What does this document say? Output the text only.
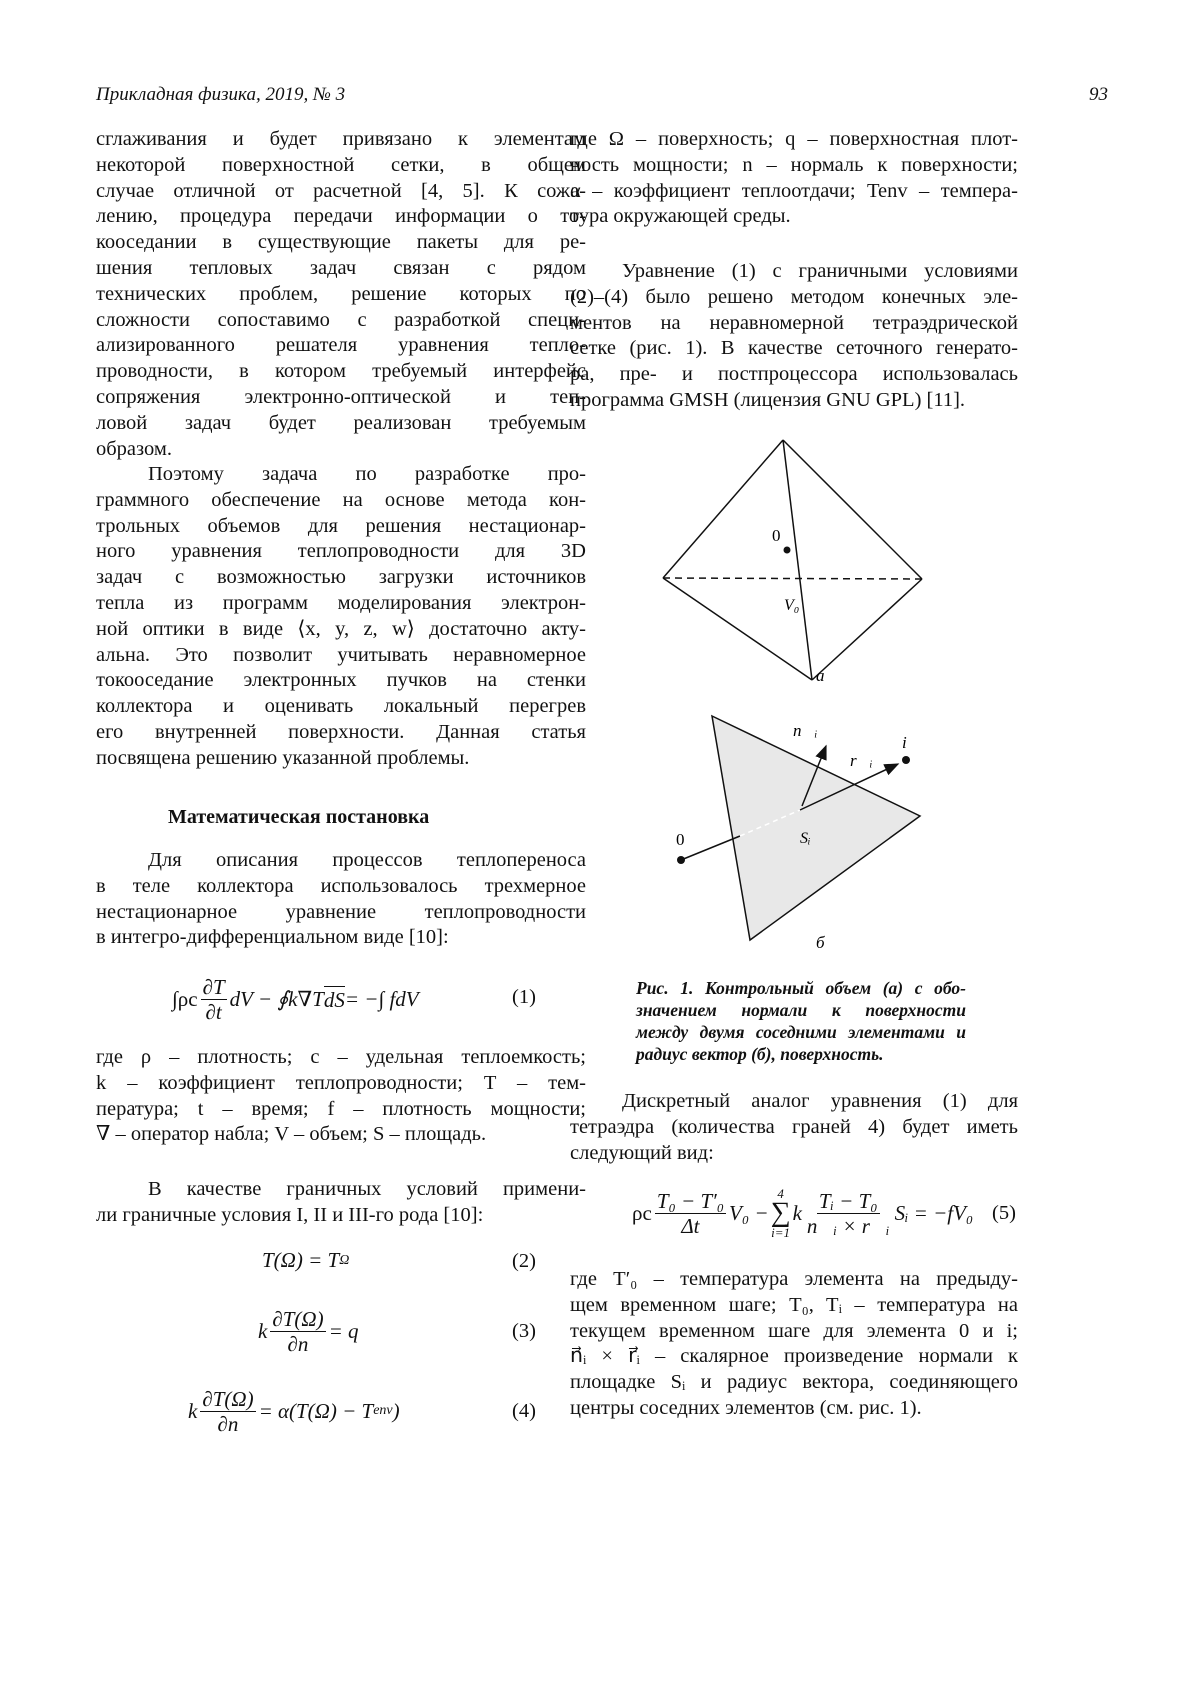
Прикладная физика, 2019, № 3	93
сглаживания и будет привязано к элементам
некоторой поверхностной сетки, в общем
случае отличной от расчетной [4, 5]. К сожа-
лению, процедура передачи информации о то-
кооседании в существующие пакеты для ре-
шения тепловых задач связан с рядом
технических проблем, решение которых по
сложности сопоставимо с разработкой специ-
ализированного решателя уравнения тепло-
проводности, в котором требуемый интерфейс
сопряжения электронно-оптической и теп-
ловой задач будет реализован требуемым
образом.
Поэтому задача по разработке про-
граммного обеспечение на основе метода кон-
трольных объемов для решения нестационар-
ного уравнения теплопроводности для 3D
задач с возможностью загрузки источников
тепла из программ моделирования электрон-
ной оптики в виде ⟨x, y, z, w⟩ достаточно акту-
альна. Это позволит учитывать неравномерное
токооседание электронных пучков на стенки
коллектора и оценивать локальный перегрев
его внутренней поверхности. Данная статья
посвящена решению указанной проблемы.
Математическая постановка
Для описания процессов теплопереноса
в теле коллектора использовалось трехмерное
нестационарное уравнение теплопроводности
в интегро-дифференциальном виде [10]:
∫ρc ∂T
∂t
dV − ∮k∇T dS = −∫ fdV	(1)
где ρ – плотность; c – удельная теплоемкость;
k – коэффициент теплопроводности; T – тем-
пература; t – время; f – плотность мощности;
∇ – оператор набла; V – объем; S – площадь.
В качестве граничных условий примени-
ли граничные условия I, II и III-го рода [10]:
T(Ω) = T Ω	(2)
k ∂T(Ω)
∂n
= q	(3)
k ∂T(Ω)
∂n
= α(T(Ω) − T env )	(4)
где Ω – поверхность; q – поверхностная плот-
ность мощности; n – нормаль к поверхности;
α – коэффициент теплоотдачи; Tenv – темпера-
тура окружающей среды.
Уравнение (1) с граничными условиями
(2)–(4) было решено методом конечных эле-
ментов на неравномерной тетраэдрической
сетке (рис. 1). В качестве сеточного генерато-
ра, пре- и постпроцессора использовалась
программа GMSH (лицензия GNU GPL) [11].
0
V₀
а
0
n⃗ᵢ
r⃗ᵢ
i
Sᵢ
б
Рис. 1. Контрольный объем (а) с обо-
значением нормали к поверхности
между двумя соседними элементами и
радиус вектор (б), поверхность.
Дискретный аналог уравнения (1) для
тетраэдра (количества граней 4) будет иметь
следующий вид:
ρc T₀ − T′₀
Δt
V₀ −
4
∑
i=1
k Tᵢ − T₀
n⃗ᵢ × r⃗ᵢ
Sᵢ = −fV₀ (5)
где T′₀ – температура элемента на предыду-
щем временном шаге; T₀, Tᵢ – температура на
текущем временном шаге для элемента 0 и i;
n⃗ᵢ × r⃗ᵢ – скалярное произведение нормали к
площадке Sᵢ и радиус вектора, соединяющего
центры соседних элементов (см. рис. 1).
